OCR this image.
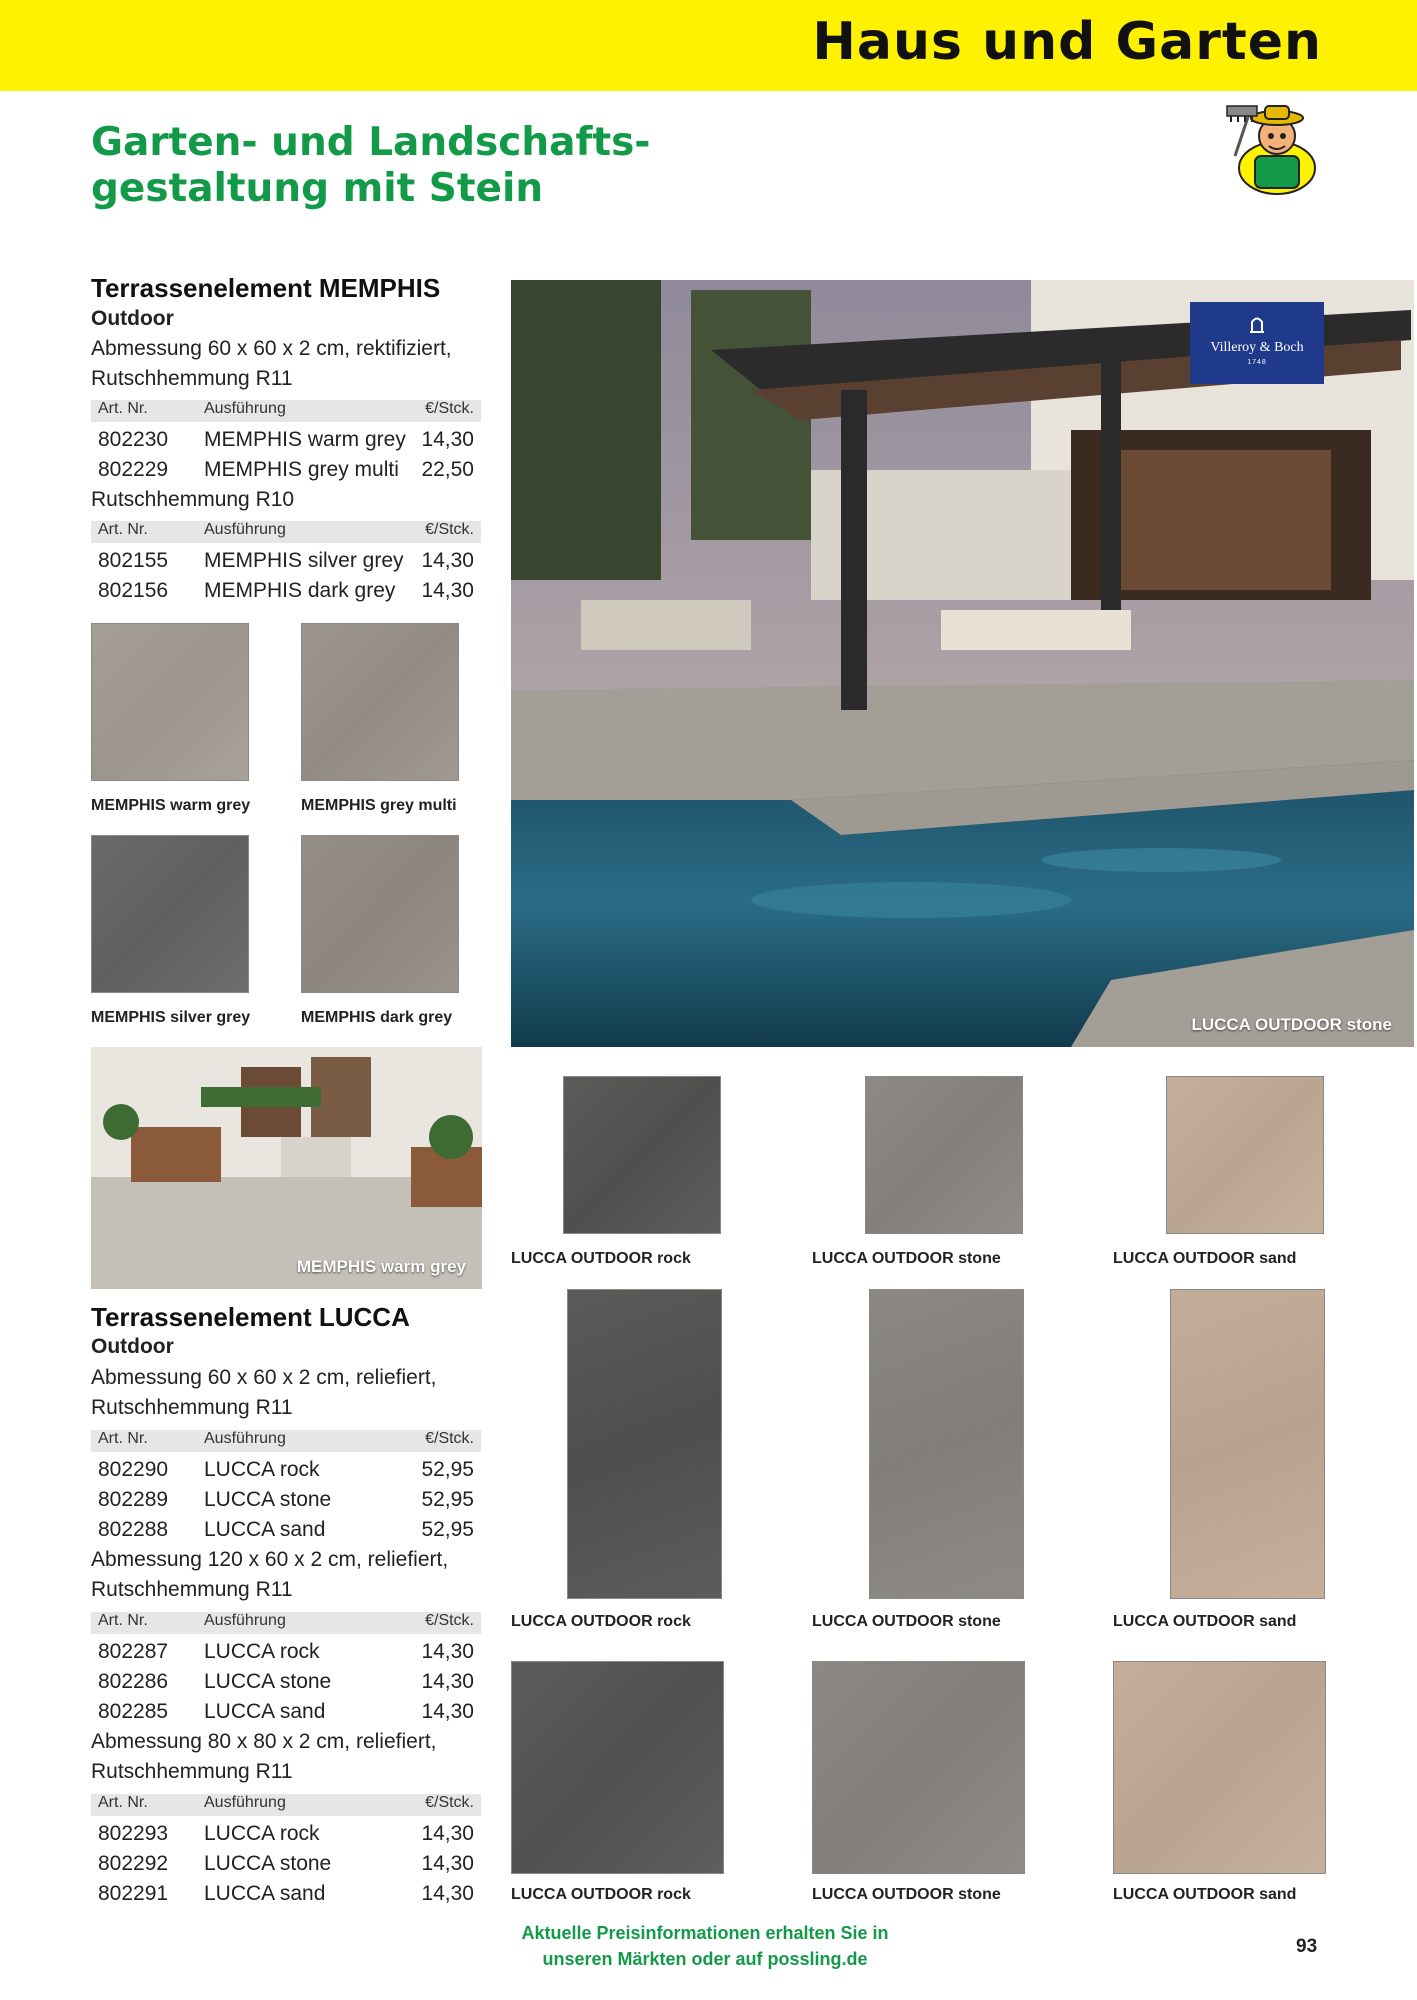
Haus und Garten
Garten- und Landschafts-
gestaltung mit Stein
Terrassenelement MEMPHIS
Outdoor
Abmessung 60 x 60 x 2 cm, rektifiziert,
Rutschhemmung R11
Art. Nr.	Ausführung	€/Stck.
802230 MEMPHIS warm grey 14,30
802229 MEMPHIS grey multi 22,50
Rutschhemmung R10
Art. Nr.	Ausführung	€/Stck.
802155 MEMPHIS silver grey 14,30
802156 MEMPHIS dark grey 14,30
MEMPHIS warm grey	MEMPHIS grey multi
MEMPHIS silver grey	MEMPHIS dark grey
MEMPHIS warm grey
Terrassenelement LUCCA
Outdoor
Abmessung 60 x 60 x 2 cm, reliefiert,
Rutschhemmung R11
Art. Nr.	Ausführung	€/Stck.
802290 LUCCA rock	52,95
802289 LUCCA stone	52,95
802288 LUCCA sand	52,95
Abmessung 120 x 60 x 2 cm, reliefiert,
Rutschhemmung R11
Art. Nr.	Ausführung	€/Stck.
802287 LUCCA rock	14,30
802286 LUCCA stone	14,30
802285 LUCCA sand	14,30
Abmessung 80 x 80 x 2 cm, reliefiert,
Rutschhemmung R11
Art. Nr.	Ausführung	€/Stck.
802293 LUCCA rock	14,30
802292 LUCCA stone	14,30
802291 LUCCA sand	14,30
LUCCA OUTDOOR stone
Villeroy & Boch
1748
LUCCA OUTDOOR rock	LUCCA OUTDOOR stone	LUCCA OUTDOOR sand
LUCCA OUTDOOR rock	LUCCA OUTDOOR stone	LUCCA OUTDOOR sand
LUCCA OUTDOOR rock	LUCCA OUTDOOR stone	LUCCA OUTDOOR sand
Aktuelle Preisinformationen erhalten Sie in
unseren Märkten oder auf possling.de
93
